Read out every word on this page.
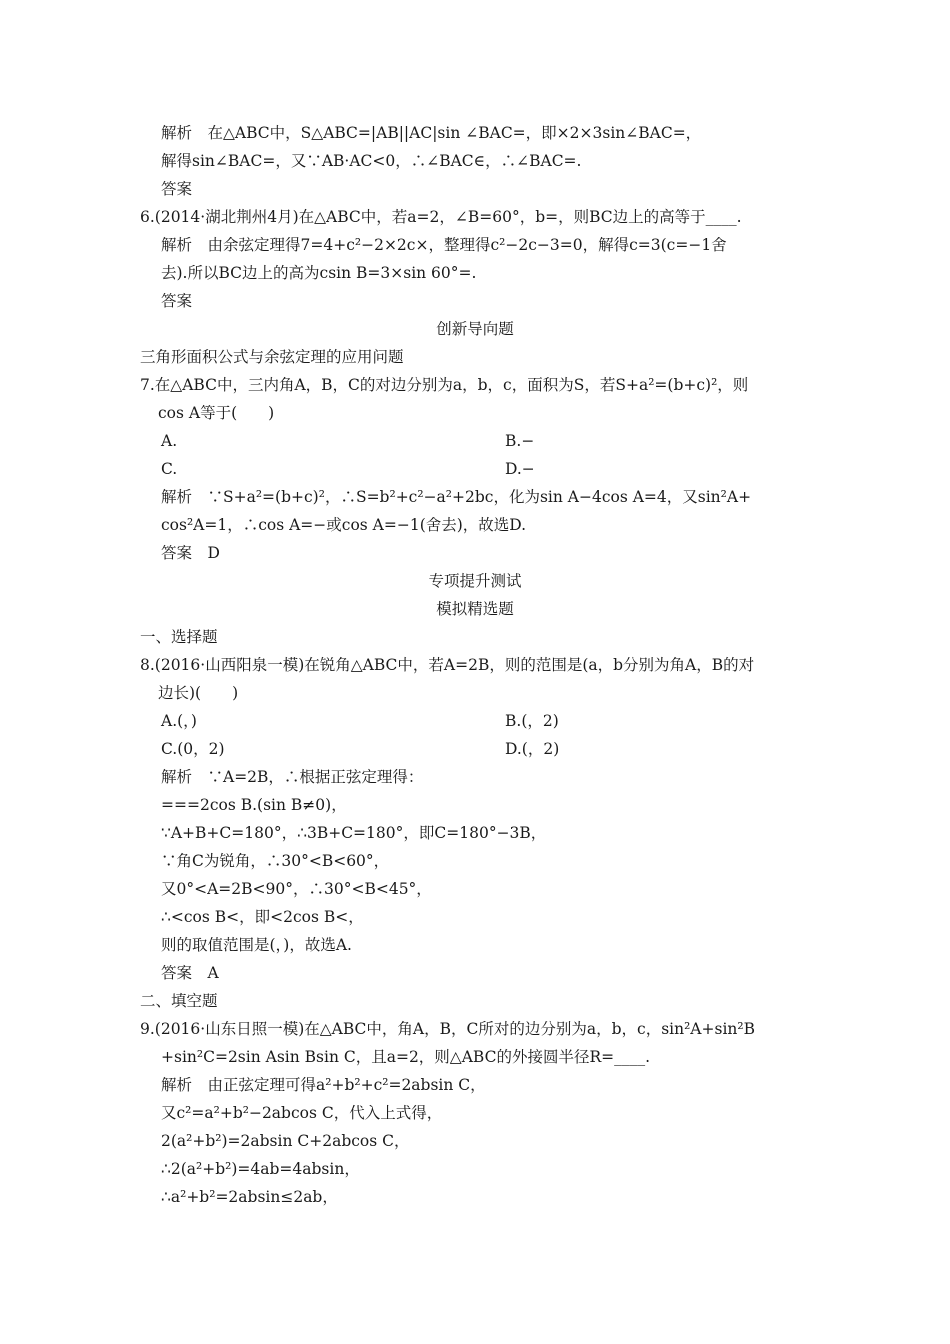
解析　在△ABC中，S△ABC=|AB||AC|sin ∠BAC=，即×2×3sin∠BAC=，
解得sin∠BAC=，又∵AB·AC<0，∴∠BAC∈，∴∠BAC=.
答案
6.(2014·湖北荆州4月)在△ABC中，若a=2，∠B=60°，b=，则BC边上的高等于____.
解析　由余弦定理得7=4+c²−2×2c×，整理得c²−2c−3=0，解得c=3(c=−1舍
去).所以BC边上的高为csin B=3×sin 60°=.
答案
创新导向题
三角形面积公式与余弦定理的应用问题
7.在△ABC中，三内角A，B，C的对边分别为a，b，c，面积为S，若S+a²=(b+c)²，则
cos A等于(　　)
A.	B.−
C.	D.−
解析　∵S+a²=(b+c)²，∴S=b²+c²−a²+2bc，化为sin A−4cos A=4，又sin²A+
cos²A=1，∴cos A=−或cos A=−1(舍去)，故选D.
答案　D
专项提升测试
模拟精选题
一、选择题
8.(2016·山西阳泉一模)在锐角△ABC中，若A=2B，则的范围是(a，b分别为角A，B的对
边长)(　　)
A.(，)	B.(，2)
C.(0，2)	D.(，2)
解析　∵A=2B，∴根据正弦定理得：
===2cos B.(sin B≠0)，
∵A+B+C=180°，∴3B+C=180°，即C=180°−3B，
∵角C为锐角，∴30°<B<60°，
又0°<A=2B<90°，∴30°<B<45°，
∴<cos B<，即<2cos B<，
则的取值范围是(，)，故选A.
答案　A
二、填空题
9.(2016·山东日照一模)在△ABC中，角A，B，C所对的边分别为a，b，c，sin²A+sin²B
+sin²C=2sin Asin Bsin C，且a=2，则△ABC的外接圆半径R=____.
解析　由正弦定理可得a²+b²+c²=2absin C，
又c²=a²+b²−2abcos C，代入上式得，
2(a²+b²)=2absin C+2abcos C，
∴2(a²+b²)=4ab=4absin，
∴a²+b²=2absin≤2ab，
